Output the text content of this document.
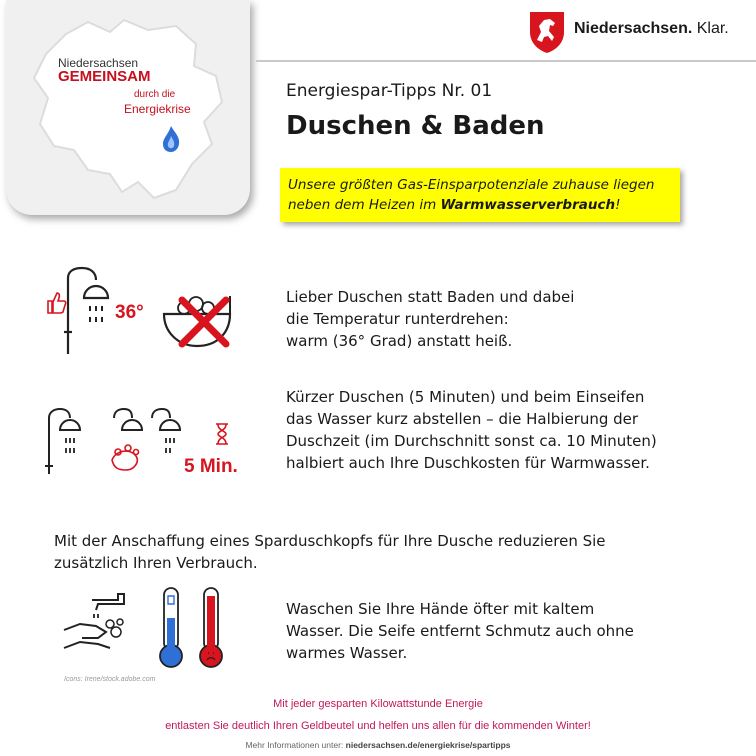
Niedersachsen
GEMEINSAM
durch die
Energiekrise
Niedersachsen. Klar.
Energiespar-Tipps Nr. 01
Duschen & Baden

Unsere größten Gas-Einsparpotenziale zuhause liegen neben dem Heizen im Warmwasserverbrauch!

36°
Lieber Duschen statt Baden und dabei
die Temperatur runterdrehen:
warm (36° Grad) anstatt heiß.
5 Min.
Kürzer Duschen (5 Minuten) und beim Einseifen
das Wasser kurz abstellen – die Halbierung der
Duschzeit (im Durchschnitt sonst ca. 10 Minuten)
halbiert auch Ihre Duschkosten für Warmwasser.
Mit der Anschaffung eines Sparduschkopfs für Ihre Dusche reduzieren Sie
zusätzlich Ihren Verbrauch.
Waschen Sie Ihre Hände öfter mit kaltem
Wasser. Die Seife entfernt Schmutz auch ohne
warmes Wasser.
Icons: Irene/stock.adobe.com
Mit jeder gesparten Kilowattstunde Energie
entlasten Sie deutlich Ihren Geldbeutel und helfen uns allen für die kommenden Winter!
Mehr Informationen unter: niedersachsen.de/energiekrise/spartipps
